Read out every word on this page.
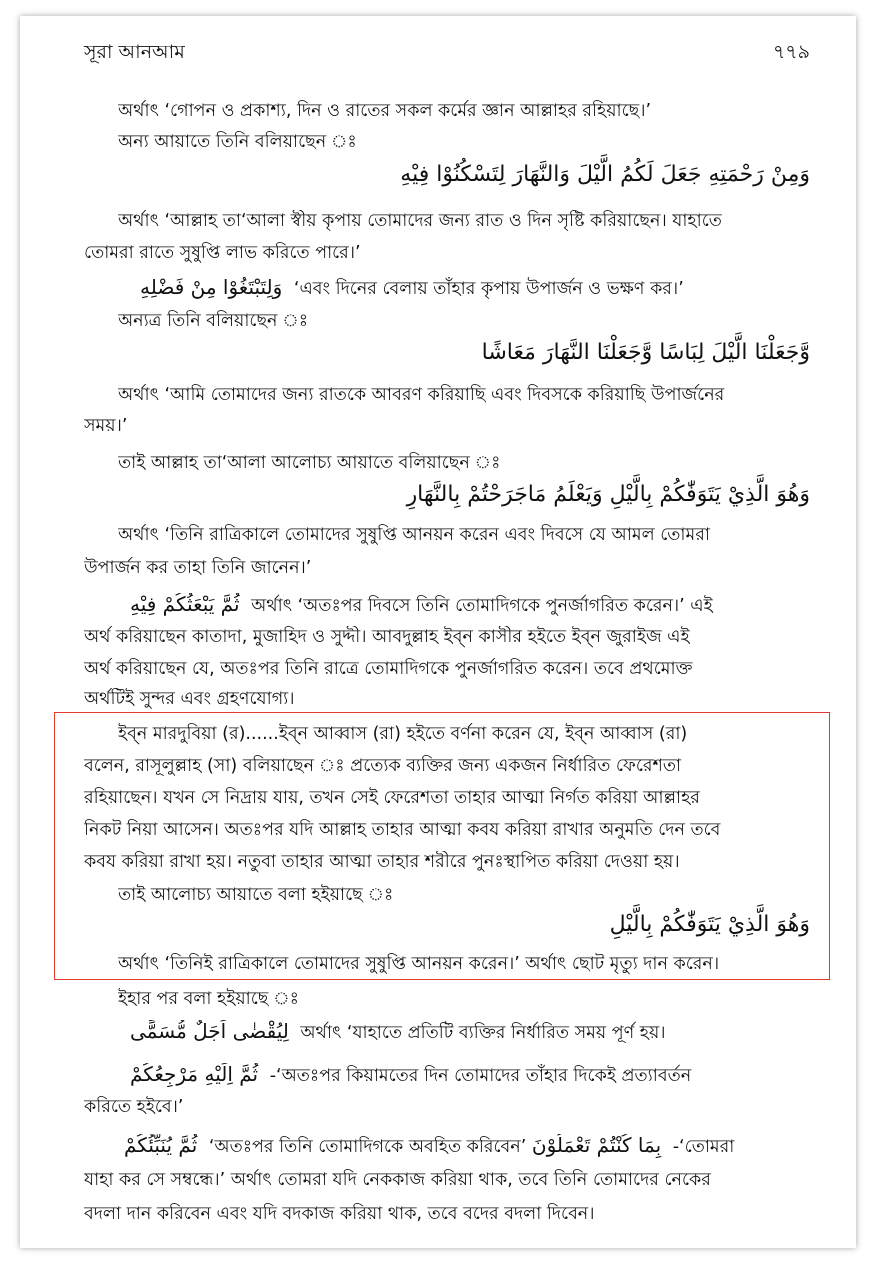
সূরা আনআম	৭৭৯
অর্থাৎ ‘গোপন ও প্রকাশ্য, দিন ও রাতের সকল কর্মের জ্ঞান আল্লাহর রহিয়াছে।’
অন্য আয়াতে তিনি বলিয়াছেন ঃ
وَمِنْ رَحْمَتِهِ جَعَلَ لَكُمُ الَّيْلَ وَالنَّهَارَ لِتَسْكُنُوْا فِيْهِ
অর্থাৎ ‘আল্লাহ তা‘আলা স্বীয় কৃপায় তোমাদের জন্য রাত ও দিন সৃষ্টি করিয়াছেন। যাহাতে
তোমরা রাতে সুষুপ্তি লাভ করিতে পারে।’
وَلِتَبْتَغُوْا مِنْ فَضْلِهِ ‘এবং দিনের বেলায় তাঁহার কৃপায় উপার্জন ও ভক্ষণ কর।’
অন্যত্র তিনি বলিয়াছেন ঃ
وَّجَعَلْنَا الَّيْلَ لِبَاسًا وَّجَعَلْنَا النَّهَارَ مَعَاشًا
অর্থাৎ ‘আমি তোমাদের জন্য রাতকে আবরণ করিয়াছি এবং দিবসকে করিয়াছি উপার্জনের
সময়।’
তাই আল্লাহ তা‘আলা আলোচ্য আয়াতে বলিয়াছেন ঃ
وَهُوَ الَّذِيْ يَتَوَفّٰكُمْ بِالَّيْلِ وَيَعْلَمُ مَاجَرَحْتُمْ بِالنَّهَارِ
অর্থাৎ ‘তিনি রাত্রিকালে তোমাদের সুষুপ্তি আনয়ন করেন এবং দিবসে যে আমল তোমরা
উপার্জন কর তাহা তিনি জানেন।’
ثُمَّ يَبْعَثُكُمْ فِيْهِ অর্থাৎ ‘অতঃপর দিবসে তিনি তোমাদিগকে পুনর্জাগরিত করেন।’ এই
অর্থ করিয়াছেন কাতাদা, মুজাহিদ ও সুদ্দী। আবদুল্লাহ ইব্ন কাসীর হইতে ইব্ন জুরাইজ এই
অর্থ করিয়াছেন যে, অতঃপর তিনি রাত্রে তোমাদিগকে পুনর্জাগরিত করেন। তবে প্রথমোক্ত
অর্থটিই সুন্দর এবং গ্রহণযোগ্য।
ইব্ন মারদুবিয়া (র)......ইব্ন আব্বাস (রা) হইতে বর্ণনা করেন যে, ইব্ন আব্বাস (রা)
বলেন, রাসূলুল্লাহ (সা) বলিয়াছেন ঃ প্রত্যেক ব্যক্তির জন্য একজন নির্ধারিত ফেরেশতা
রহিয়াছেন। যখন সে নিদ্রায় যায়, তখন সেই ফেরেশতা তাহার আত্মা নির্গত করিয়া আল্লাহর
নিকট নিয়া আসেন। অতঃপর যদি আল্লাহ তাহার আত্মা কবয করিয়া রাখার অনুমতি দেন তবে
কবয করিয়া রাখা হয়। নতুবা তাহার আত্মা তাহার শরীরে পুনঃস্থাপিত করিয়া দেওয়া হয়।
তাই আলোচ্য আয়াতে বলা হইয়াছে ঃ
وَهُوَ الَّذِيْ يَتَوَفّٰكُمْ بِالَّيْلِ
অর্থাৎ ‘তিনিই রাত্রিকালে তোমাদের সুষুপ্তি আনয়ন করেন।’ অর্থাৎ ছোট মৃত্যু দান করেন।
ইহার পর বলা হইয়াছে ঃ
لِيُقْضٰى اَجَلٌ مُّسَمًّى অর্থাৎ ‘যাহাতে প্রতিটি ব্যক্তির নির্ধারিত সময় পূর্ণ হয়।
ثُمَّ اِلَيْهِ مَرْجِعُكُمْ -‘অতঃপর কিয়ামতের দিন তোমাদের তাঁহার দিকেই প্রত্যাবর্তন
করিতে হইবে।’
ثُمَّ يُنَبِّئُكُمْ ‘অতঃপর তিনি তোমাদিগকে অবহিত করিবেন’ بِمَا كُنْتُمْ تَعْمَلُوْنَ -‘তোমরা
যাহা কর সে সম্বন্ধে।’ অর্থাৎ তোমরা যদি নেককাজ করিয়া থাক, তবে তিনি তোমাদের নেকের
বদলা দান করিবেন এবং যদি বদকাজ করিয়া থাক, তবে বদের বদলা দিবেন।
